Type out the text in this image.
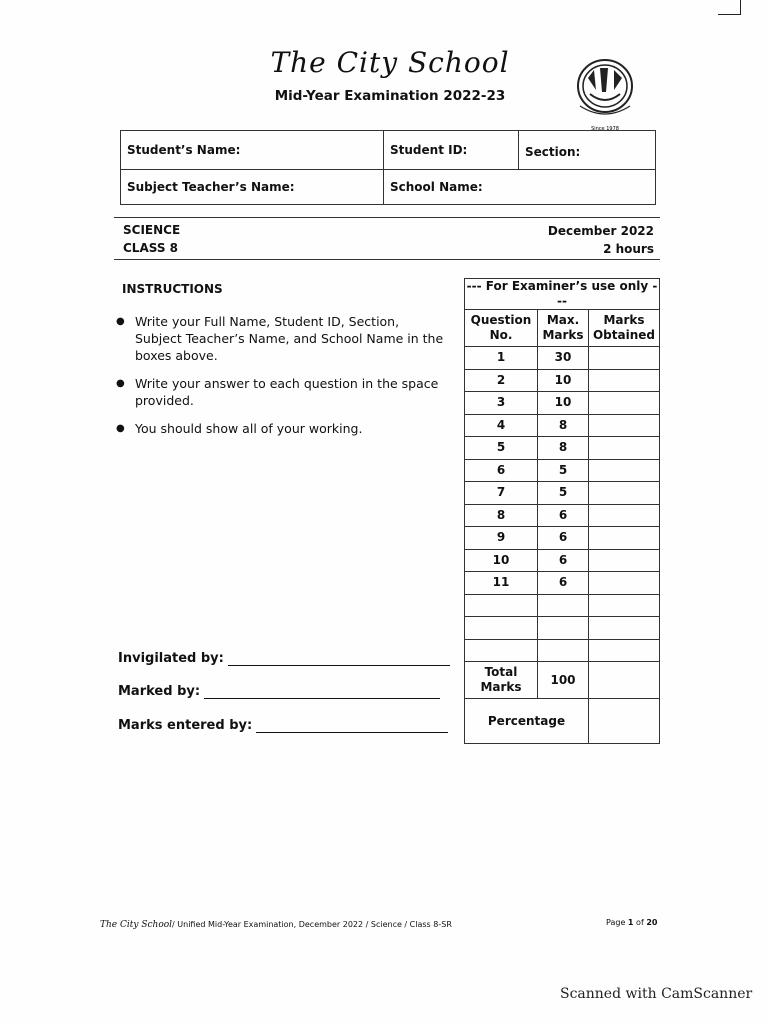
The City School
Mid-Year Examination 2022-23
Since 1978
Student’s Name:	Student ID:	Section:
Subject Teacher’s Name:	School Name:	
SCIENCE
CLASS 8
December 2022
2 hours
INSTRUCTIONS
● Write your Full Name, Student ID, Section, Subject Teacher’s Name, and School Name in the boxes above.
● Write your answer to each question in the space provided.
● You should show all of your working.
Invigilated by:
Marked by:
Marks entered by:
--- For Examiner’s use only ---		
Question No.	Max. Marks	Marks Obtained
1	30	
2	10	
3	10	
4	8	
5	8	
6	5	
7	5	
8	6	
9	6	
10	6	
11	6	

Total Marks	100	
Percentage		
The City School/ Unified Mid-Year Examination, December 2022 / Science / Class 8-SR	Page 1 of 20
Scanned with CamScanner
